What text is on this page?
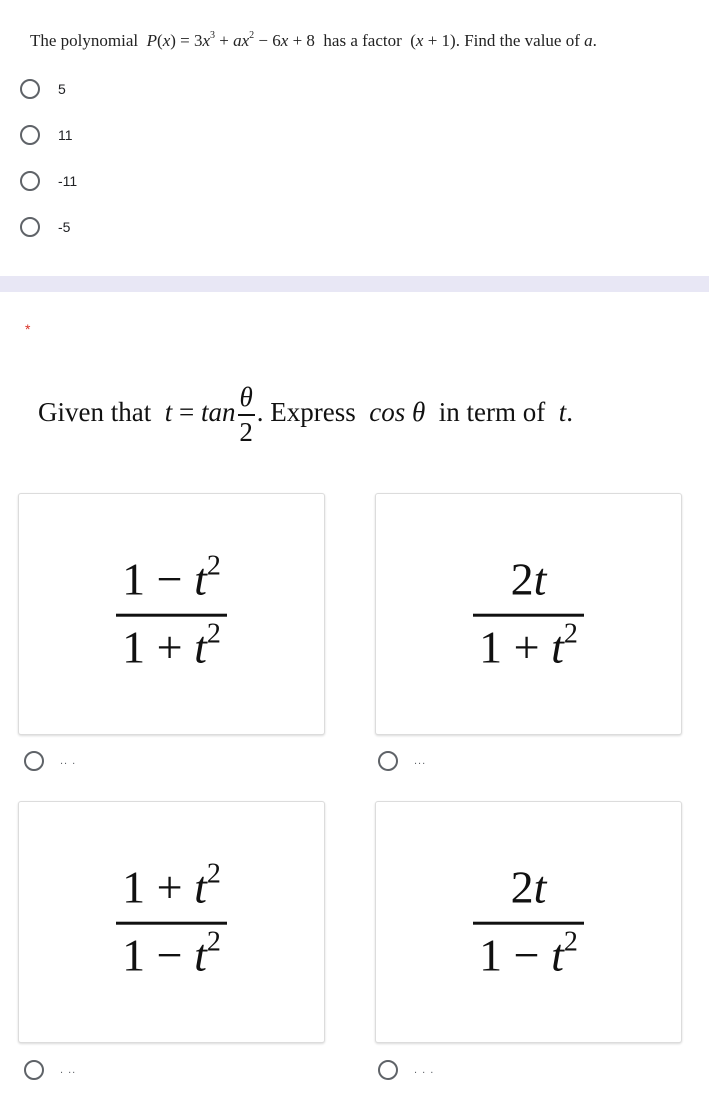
The polynomial $P(x) = 3x^3 + ax^2 - 6x + 8$  has a factor  (x + 1). Find the value of a.
5
11
-11
-5
*
Given that $t = \tan \frac{\theta}{2}$ . Express cos θ in term of t.
$\frac{1 - t^2}{1 + t^2}$
.. .
$\frac{2t}{1 + t^2}$
...
$\frac{1 + t^2}{1 - t^2}$
. ..
$\frac{2t}{1 - t^2}$
. . .
